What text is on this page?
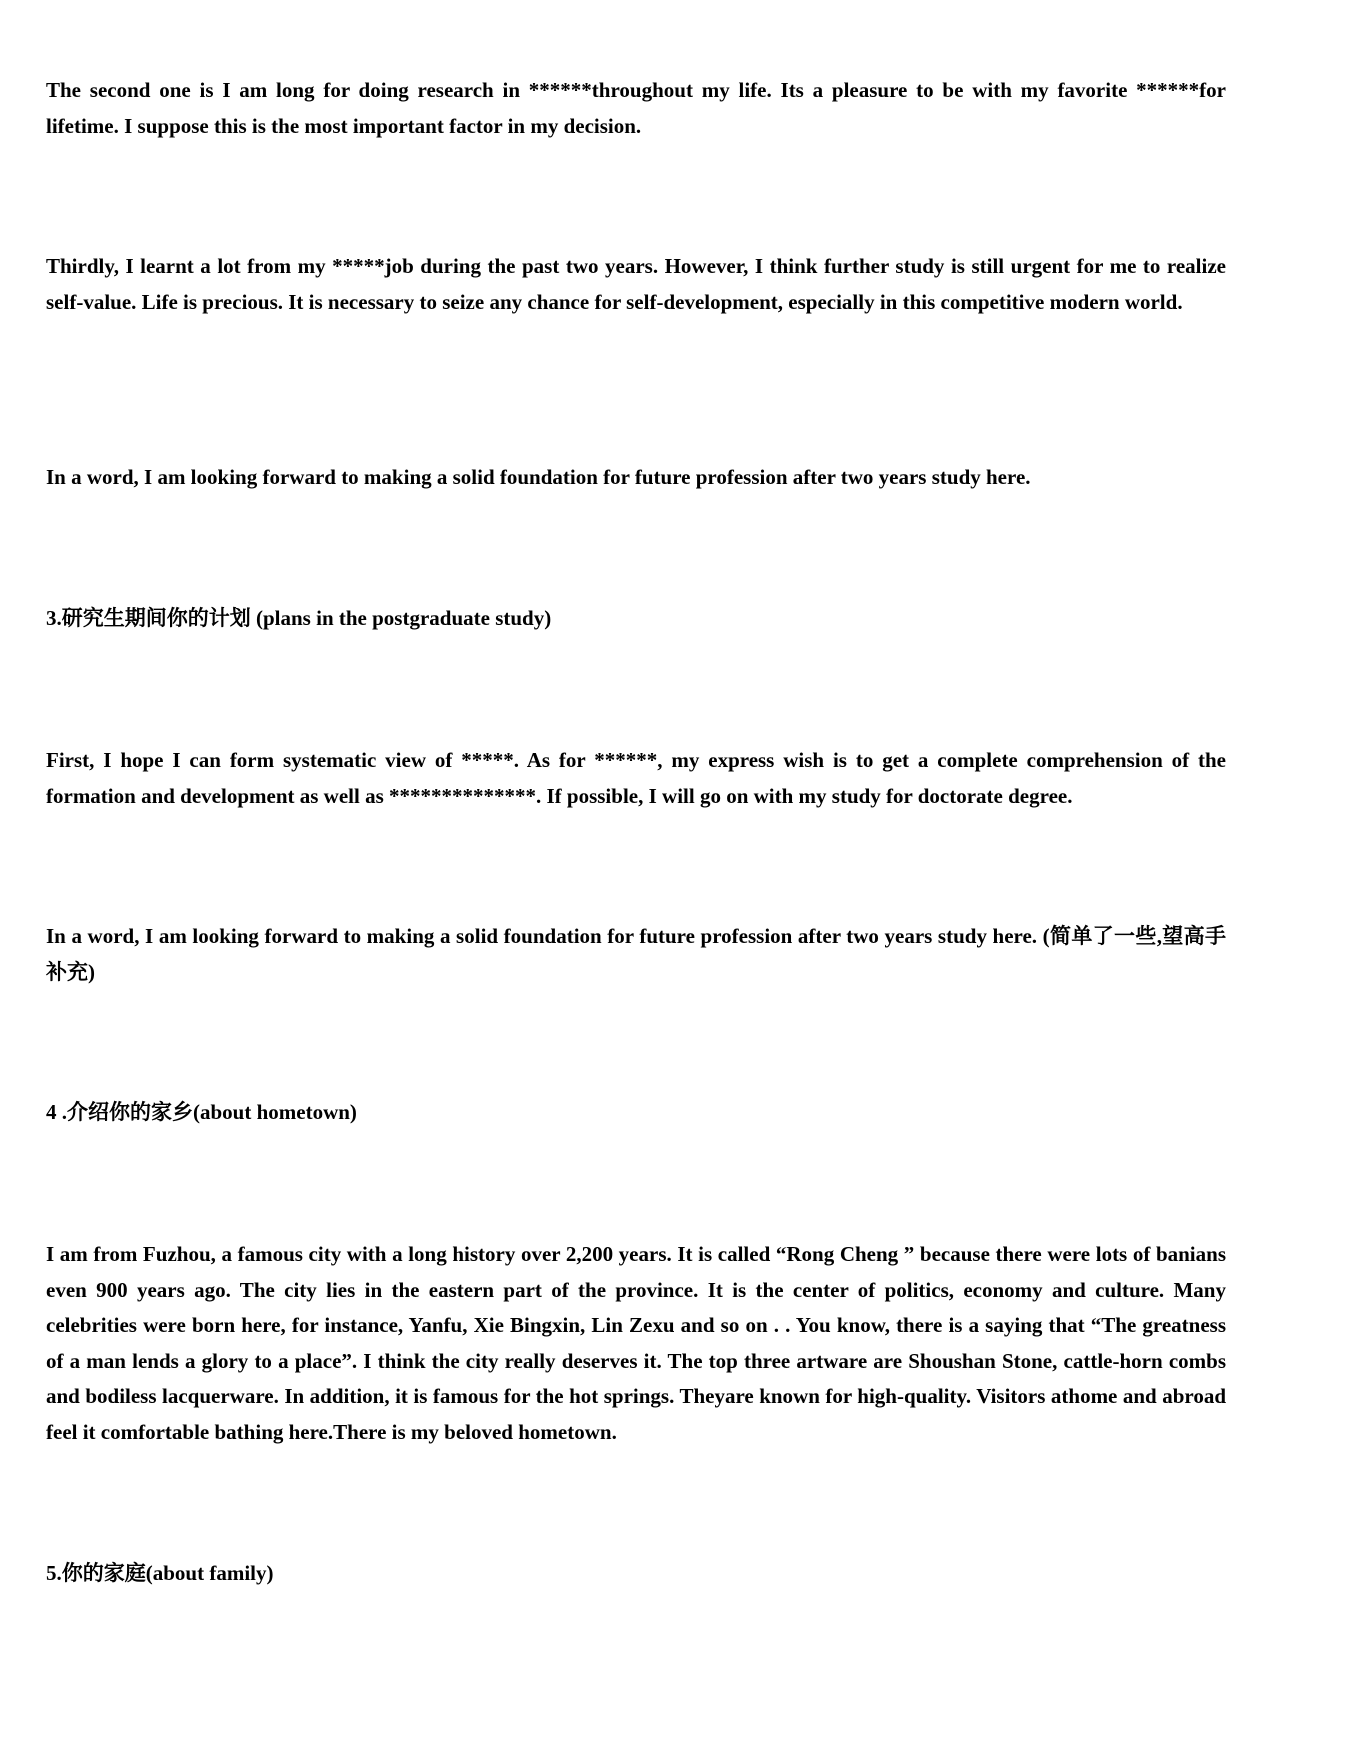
The second one is I am long for doing research in ******throughout my life. Its a pleasure to be with my favorite ******for lifetime. I suppose this is the most important factor in my decision.

Thirdly, I learnt a lot from my *****job during the past two years. However, I think further study is still urgent for me to realize self-value. Life is precious. It is necessary to seize any chance for self-development, especially in this competitive modern world.

In a word, I am looking forward to making a solid foundation for future profession after two years study here.

3.研究生期间你的计划 (plans in the postgraduate study)

First, I hope I can form systematic view of *****. As for ******, my express wish is to get a complete comprehension of the formation and development as well as **************. If possible, I will go on with my study for doctorate degree.

In a word, I am looking forward to making a solid foundation for future profession after two years study here. (简单了一些,望高手补充)

4 .介绍你的家乡(about hometown)

I am from Fuzhou, a famous city with a long history over 2,200 years. It is called “Rong Cheng ” because there were lots of banians even 900 years ago. The city lies in the eastern part of the province. It is the center of politics, economy and culture. Many celebrities were born here, for instance, Yanfu, Xie Bingxin, Lin Zexu and so on . . You know, there is a saying that “The greatness of a man lends a glory to a place”. I think the city really deserves it. The top three artware are Shoushan Stone, cattle-horn combs and bodiless lacquerware. In addition, it is famous for the hot springs. Theyare known for high-quality. Visitors athome and abroad feel it comfortable bathing here.There is my beloved hometown.

5.你的家庭(about family)
